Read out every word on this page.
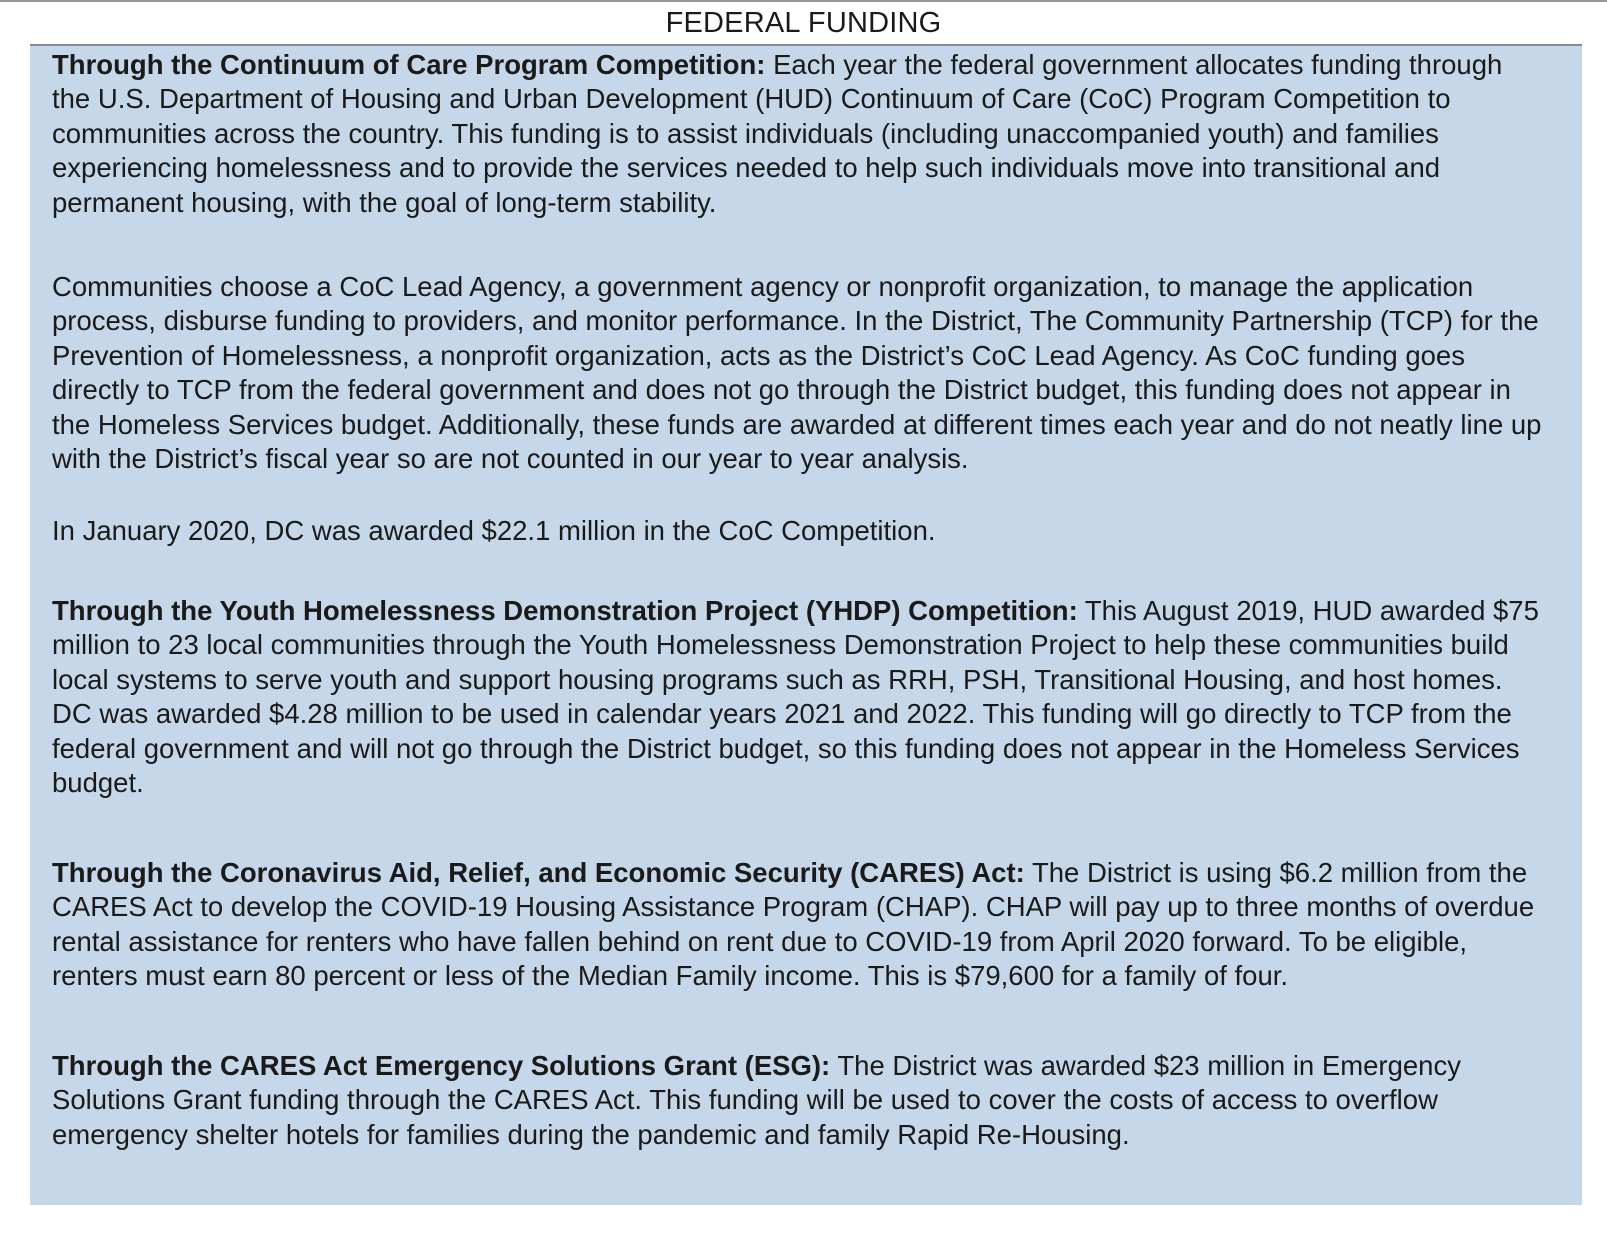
FEDERAL FUNDING

Through the Continuum of Care Program Competition: Each year the federal government allocates funding through the U.S. Department of Housing and Urban Development (HUD) Continuum of Care (CoC) Program Competition to communities across the country. This funding is to assist individuals (including unaccompanied youth) and families experiencing homelessness and to provide the services needed to help such individuals move into transitional and permanent housing, with the goal of long-term stability.

Communities choose a CoC Lead Agency, a government agency or nonprofit organization, to manage the application process, disburse funding to providers, and monitor performance. In the District, The Community Partnership (TCP) for the Prevention of Homelessness, a nonprofit organization, acts as the District’s CoC Lead Agency. As CoC funding goes directly to TCP from the federal government and does not go through the District budget, this funding does not appear in the Homeless Services budget. Additionally, these funds are awarded at different times each year and do not neatly line up with the District’s fiscal year so are not counted in our year to year analysis.

In January 2020, DC was awarded $22.1 million in the CoC Competition.

Through the Youth Homelessness Demonstration Project (YHDP) Competition: This August 2019, HUD awarded $75 million to 23 local communities through the Youth Homelessness Demonstration Project to help these communities build local systems to serve youth and support housing programs such as RRH, PSH, Transitional Housing, and host homes. DC was awarded $4.28 million to be used in calendar years 2021 and 2022. This funding will go directly to TCP from the federal government and will not go through the District budget, so this funding does not appear in the Homeless Services budget.

Through the Coronavirus Aid, Relief, and Economic Security (CARES) Act: The District is using $6.2 million from the CARES Act to develop the COVID-19 Housing Assistance Program (CHAP). CHAP will pay up to three months of overdue rental assistance for renters who have fallen behind on rent due to COVID-19 from April 2020 forward. To be eligible, renters must earn 80 percent or less of the Median Family income. This is $79,600 for a family of four.

Through the CARES Act Emergency Solutions Grant (ESG): The District was awarded $23 million in Emergency Solutions Grant funding through the CARES Act. This funding will be used to cover the costs of access to overflow emergency shelter hotels for families during the pandemic and family Rapid Re-Housing.
